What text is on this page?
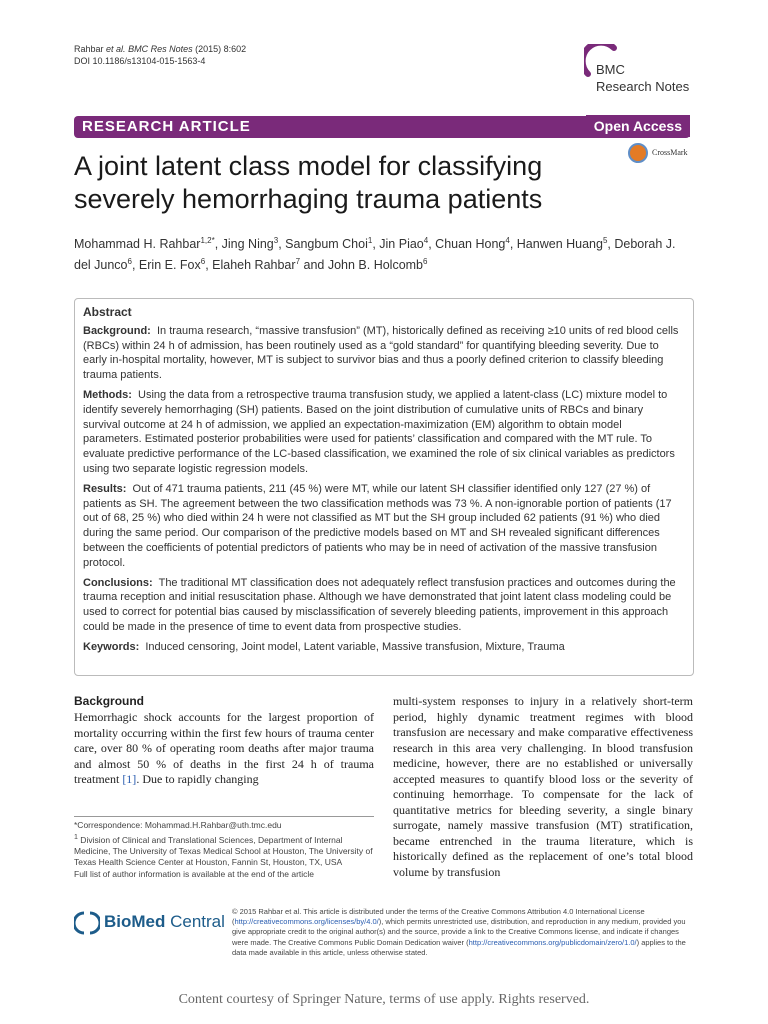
Rahbar et al. BMC Res Notes (2015) 8:602
DOI 10.1186/s13104-015-1563-4
BMC
Research Notes
RESEARCH ARTICLE	Open Access
CrossMark
A joint latent class model for classifying severely hemorrhaging trauma patients
Mohammad H. Rahbar$^{1,2*}$, Jing Ning$^3$, Sangbum Choi$^1$, Jin Piao$^4$, Chuan Hong$^4$, Hanwen Huang$^5$, Deborah J. del Junco$^6$, Erin E. Fox$^6$, Elaheh Rahbar$^7$ and John B. Holcomb$^6$
Abstract
Background: In trauma research, “massive transfusion” (MT), historically defined as receiving ≥10 units of red blood cells (RBCs) within 24 h of admission, has been routinely used as a “gold standard” for quantifying bleeding severity. Due to early in-hospital mortality, however, MT is subject to survivor bias and thus a poorly defined criterion to classify bleeding trauma patients.
Methods: Using the data from a retrospective trauma transfusion study, we applied a latent-class (LC) mixture model to identify severely hemorrhaging (SH) patients. Based on the joint distribution of cumulative units of RBCs and binary survival outcome at 24 h of admission, we applied an expectation-maximization (EM) algorithm to obtain model parameters. Estimated posterior probabilities were used for patients’ classification and compared with the MT rule. To evaluate predictive performance of the LC-based classification, we examined the role of six clinical variables as predictors using two separate logistic regression models.
Results: Out of 471 trauma patients, 211 (45 %) were MT, while our latent SH classifier identified only 127 (27 %) of patients as SH. The agreement between the two classification methods was 73 %. A non-ignorable portion of patients (17 out of 68, 25 %) who died within 24 h were not classified as MT but the SH group included 62 patients (91 %) who died during the same period. Our comparison of the predictive models based on MT and SH revealed significant differences between the coefficients of potential predictors of patients who may be in need of activation of the massive transfusion protocol.
Conclusions: The traditional MT classification does not adequately reflect transfusion practices and outcomes during the trauma reception and initial resuscitation phase. Although we have demonstrated that joint latent class modeling could be used to correct for potential bias caused by misclassification of severely bleeding patients, improvement in this approach could be made in the presence of time to event data from prospective studies.
Keywords: Induced censoring, Joint model, Latent variable, Massive transfusion, Mixture, Trauma
Background
Hemorrhagic shock accounts for the largest proportion of mortality occurring within the first few hours of trauma center care, over 80 % of operating room deaths after major trauma and almost 50 % of deaths in the first 24 h of trauma treatment [1]. Due to rapidly changing
multi-system responses to injury in a relatively short-term period, highly dynamic treatment regimes with blood transfusion are necessary and make comparative effectiveness research in this area very challenging. In blood transfusion medicine, however, there are no established or universally accepted measures to quantify blood loss or the severity of continuing hemorrhage. To compensate for the lack of quantitative metrics for bleeding severity, a single binary surrogate, namely massive transfusion (MT) stratification, became entrenched in the trauma literature, which is historically defined as the replacement of one’s total blood volume by transfusion
*Correspondence: Mohammad.H.Rahbar@uth.tmc.edu
$^1$ Division of Clinical and Translational Sciences, Department of Internal Medicine, The University of Texas Medical School at Houston, The University of Texas Health Science Center at Houston, Fannin St, Houston, TX, USA
Full list of author information is available at the end of the article
BioMed Central
© 2015 Rahbar et al. This article is distributed under the terms of the Creative Commons Attribution 4.0 International License (http://creativecommons.org/licenses/by/4.0/), which permits unrestricted use, distribution, and reproduction in any medium, provided you give appropriate credit to the original author(s) and the source, provide a link to the Creative Commons license, and indicate if changes were made. The Creative Commons Public Domain Dedication waiver (http://creativecommons.org/publicdomain/zero/1.0/) applies to the data made available in this article, unless otherwise stated.
Content courtesy of Springer Nature, terms of use apply. Rights reserved.
